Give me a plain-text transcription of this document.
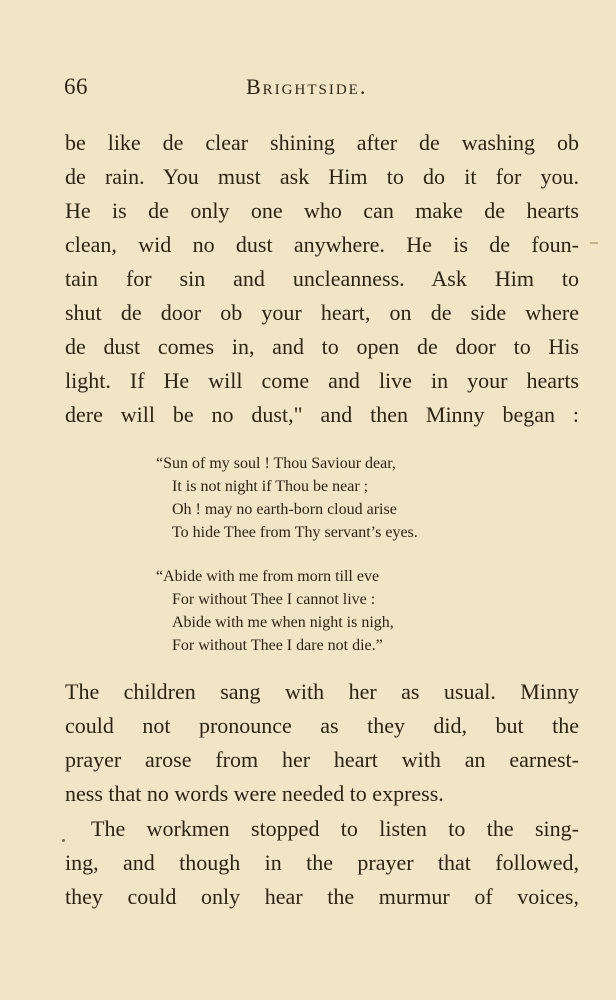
66	Brightside.
be like de clear shining after de washing ob
de rain. You must ask Him to do it for you.
He is de only one who can make de hearts
clean, wid no dust anywhere. He is de foun-
tain for sin and uncleanness. Ask Him to
shut de door ob your heart, on de side where
de dust comes in, and to open de door to His
light. If He will come and live in your hearts
dere will be no dust," and then Minny began :
“Sun of my soul ! Thou Saviour dear,
It is not night if Thou be near ;
Oh ! may no earth-born cloud arise
To hide Thee from Thy servant’s eyes.
“Abide with me from morn till eve
For without Thee I cannot live :
Abide with me when night is nigh,
For without Thee I dare not die.”
The children sang with her as usual. Minny
could not pronounce as they did, but the
prayer arose from her heart with an earnest-
ness that no words were needed to express.
The workmen stopped to listen to the sing-
ing, and though in the prayer that followed,
they could only hear the murmur of voices,
